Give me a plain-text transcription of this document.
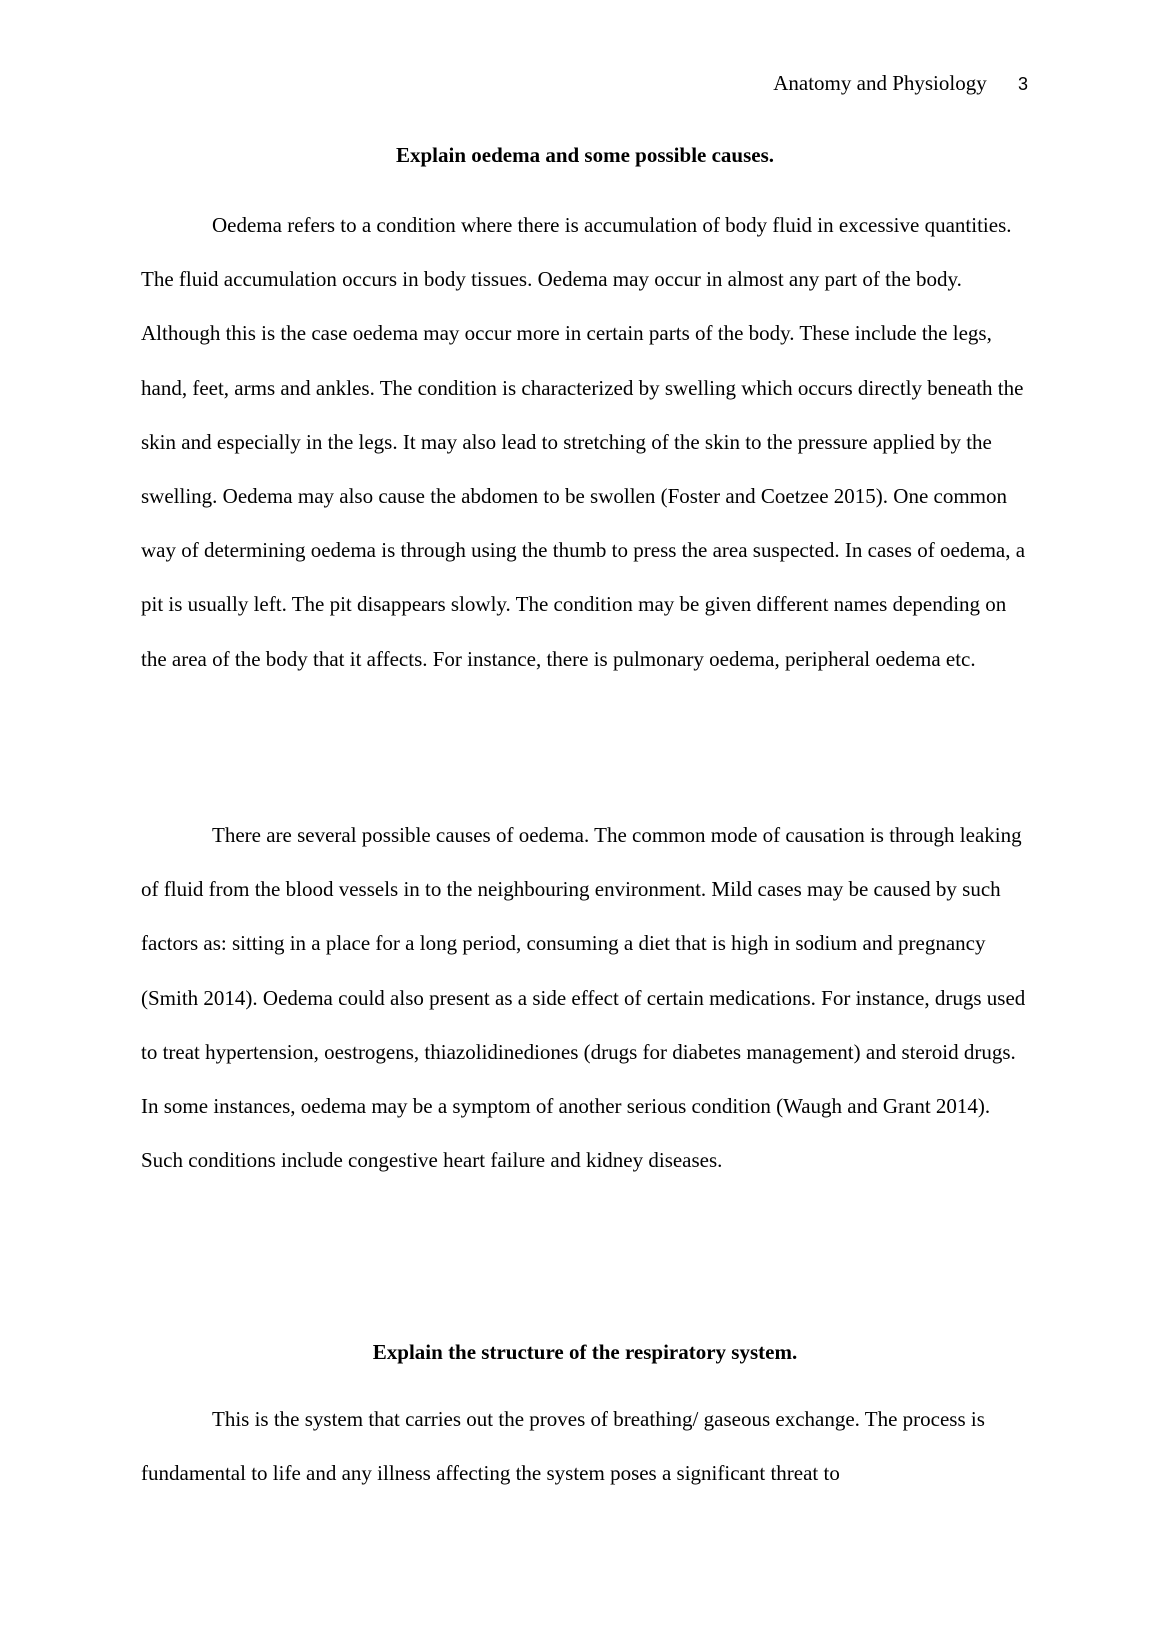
Anatomy and Physiology 3
Explain oedema and some possible causes.

Oedema refers to a condition where there is accumulation of body fluid in excessive quantities. The fluid accumulation occurs in body tissues. Oedema may occur in almost any part of the body. Although this is the case oedema may occur more in certain parts of the body. These include the legs, hand, feet, arms and ankles. The condition is characterized by swelling which occurs directly beneath the skin and especially in the legs. It may also lead to stretching of the skin to the pressure applied by the swelling. Oedema may also cause the abdomen to be swollen (Foster and Coetzee 2015). One common way of determining oedema is through using the thumb to press the area suspected. In cases of oedema, a pit is usually left. The pit disappears slowly. The condition may be given different names depending on the area of the body that it affects. For instance, there is pulmonary oedema, peripheral oedema etc.

There are several possible causes of oedema. The common mode of causation is through leaking of fluid from the blood vessels in to the neighbouring environment. Mild cases may be caused by such factors as: sitting in a place for a long period, consuming a diet that is high in sodium and pregnancy (Smith 2014). Oedema could also present as a side effect of certain medications. For instance, drugs used to treat hypertension, oestrogens, thiazolidinediones (drugs for diabetes management) and steroid drugs. In some instances, oedema may be a symptom of another serious condition (Waugh and Grant 2014). Such conditions include congestive heart failure and kidney diseases.

Explain the structure of the respiratory system.

This is the system that carries out the proves of breathing/ gaseous exchange. The process is fundamental to life and any illness affecting the system poses a significant threat to
